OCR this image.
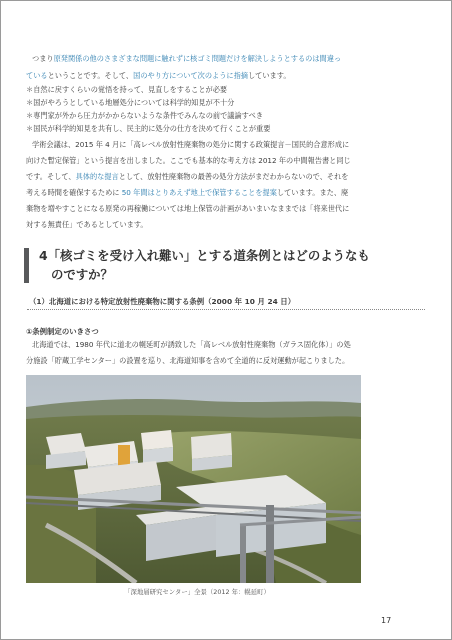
つまり原発関係の他のさまざまな問題に触れずに核ゴミ問題だけを解決しようとするのは間違っ
ているということです。そして、国のやり方について次のように指摘しています。
＊自然に戻すくらいの覚悟を持って、見直しをすることが必要
＊国がやろうとしている地層処分については科学的知見が不十分
＊専門家が外から圧力がかからないような条件でみんなの前で議論すべき
＊国民が科学的知見を共有し、民主的に処分の仕方を決めて行くことが重要
学術会議は、2015 年 4 月に「高レベル放射性廃棄物の処分に関する政策提言－国民的合意形成に
向けた暫定保管」という提言を出しました。ここでも基本的な考え方は 2012 年の中間報告書と同じ
です。そして、具体的な提言として、放射性廃棄物の最善の処分方法がまだわからないので、それを
考える時間を確保するために 50 年間はとりあえず地上で保管することを提案しています。また、廃
棄物を増やすことになる原発の再稼働については地上保管の計画があいまいなままでは「将来世代に
対する無責任」であるとしています。
4「核ゴミを受け入れ難い」とする道条例とはどのようなも
のですか？
（1）北海道における特定放射性廃棄物に関する条例（2000 年 10 月 24 日）
①条例制定のいきさつ
北海道では、1980 年代に道北の幌延町が誘致した「高レベル放射性廃棄物（ガラス固化体）」の処
分施設「貯蔵工学センター」の設置を巡り、北海道知事を含めて全道的に反対運動が起こりました。
「深地層研究センター」全景（2012 年：幌延町）
17
